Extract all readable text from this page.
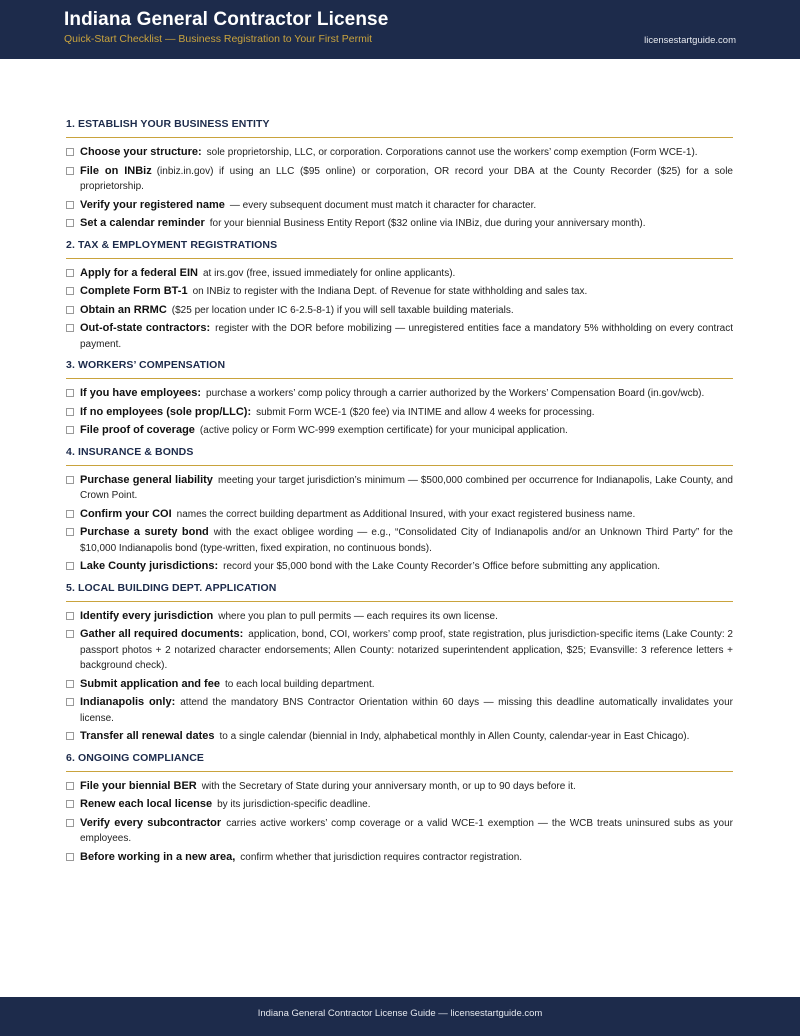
Indiana General Contractor License
Quick-Start Checklist — Business Registration to Your First Permit	licensestartguide.com
1. ESTABLISH YOUR BUSINESS ENTITY
Choose your structure: sole proprietorship, LLC, or corporation. Corporations cannot use the workers’ comp exemption (Form WCE-1).
File on INBiz (inbiz.in.gov) if using an LLC ($95 online) or corporation, OR record your DBA at the County Recorder ($25) for a sole proprietorship.
Verify your registered name — every subsequent document must match it character for character.
Set a calendar reminder for your biennial Business Entity Report ($32 online via INBiz, due during your anniversary month).
2. TAX & EMPLOYMENT REGISTRATIONS
Apply for a federal EIN at irs.gov (free, issued immediately for online applicants).
Complete Form BT-1 on INBiz to register with the Indiana Dept. of Revenue for state withholding and sales tax.
Obtain an RRMC ($25 per location under IC 6-2.5-8-1) if you will sell taxable building materials.
Out-of-state contractors: register with the DOR before mobilizing — unregistered entities face a mandatory 5% withholding on every contract payment.
3. WORKERS’ COMPENSATION
If you have employees: purchase a workers’ comp policy through a carrier authorized by the Workers’ Compensation Board (in.gov/wcb).
If no employees (sole prop/LLC): submit Form WCE-1 ($20 fee) via INTIME and allow 4 weeks for processing.
File proof of coverage (active policy or Form WC-999 exemption certificate) for your municipal application.
4. INSURANCE & BONDS
Purchase general liability meeting your target jurisdiction’s minimum — $500,000 combined per occurrence for Indianapolis, Lake County, and Crown Point.
Confirm your COI names the correct building department as Additional Insured, with your exact registered business name.
Purchase a surety bond with the exact obligee wording — e.g., “Consolidated City of Indianapolis and/or an Unknown Third Party” for the $10,000 Indianapolis bond (type-written, fixed expiration, no continuous bonds).
Lake County jurisdictions: record your $5,000 bond with the Lake County Recorder’s Office before submitting any application.
5. LOCAL BUILDING DEPT. APPLICATION
Identify every jurisdiction where you plan to pull permits — each requires its own license.
Gather all required documents: application, bond, COI, workers’ comp proof, state registration, plus jurisdiction-specific items (Lake County: 2 passport photos + 2 notarized character endorsements; Allen County: notarized superintendent application, $25; Evansville: 3 reference letters + background check).
Submit application and fee to each local building department.
Indianapolis only: attend the mandatory BNS Contractor Orientation within 60 days — missing this deadline automatically invalidates your license.
Transfer all renewal dates to a single calendar (biennial in Indy, alphabetical monthly in Allen County, calendar-year in East Chicago).
6. ONGOING COMPLIANCE
File your biennial BER with the Secretary of State during your anniversary month, or up to 90 days before it.
Renew each local license by its jurisdiction-specific deadline.
Verify every subcontractor carries active workers’ comp coverage or a valid WCE-1 exemption — the WCB treats uninsured subs as your employees.
Before working in a new area, confirm whether that jurisdiction requires contractor registration.
Indiana General Contractor License Guide — licensestartguide.com
